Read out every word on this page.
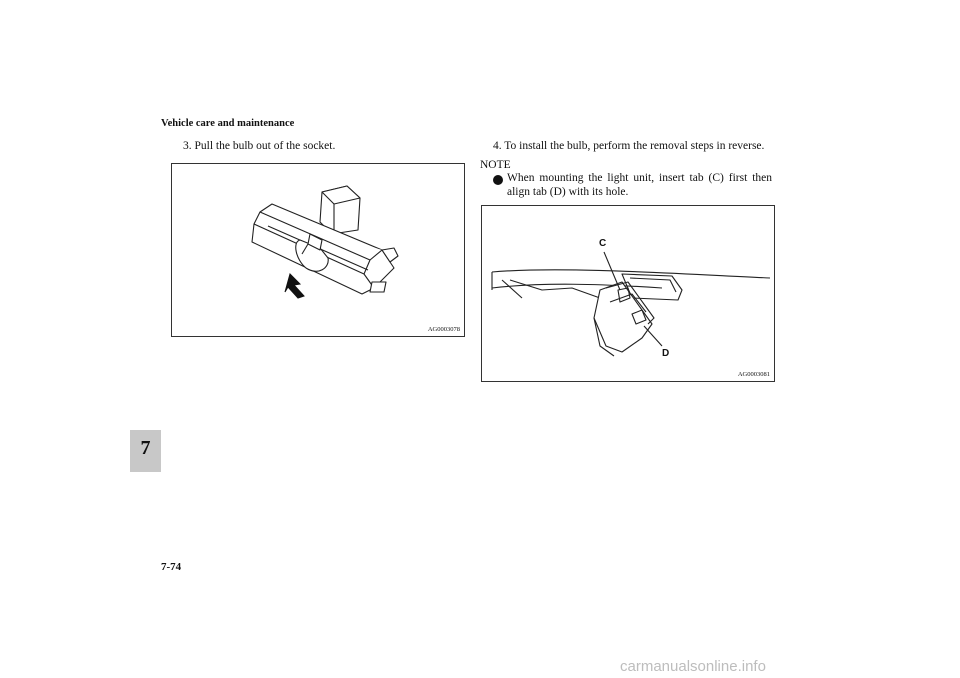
Vehicle care and maintenance
3. Pull the bulb out of the socket.	4. To install the bulb, perform the removal steps in reverse.
NOTE
When mounting the light unit, insert tab (C) first then
align tab (D) with its hole.
AG0003078
C
D
AG0003081
7
7-74
carmanualsonline.info
